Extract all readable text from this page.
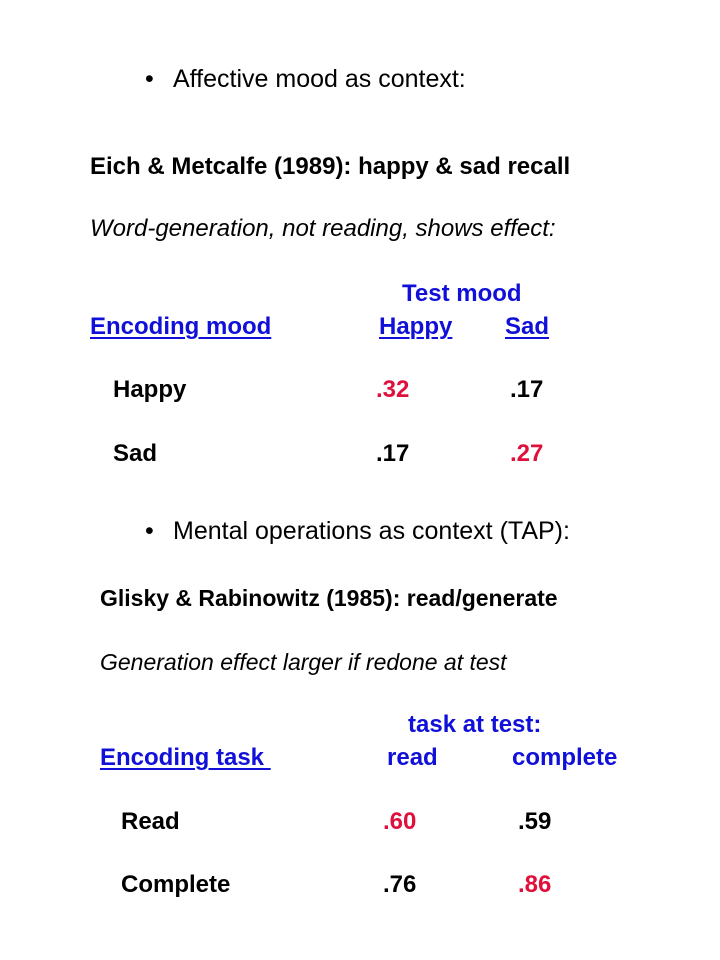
• Affective mood as context:
Eich & Metcalfe (1989): happy & sad recall
Word-generation, not reading, shows effect:
Test mood
Encoding mood	Happy Sad
Happy	.32	.17
Sad	.17	.27
• Mental operations as context (TAP):
Glisky & Rabinowitz (1985): read/generate
Generation effect larger if redone at test
task at test:
Encoding task	read	complete
Read	.60	.59
Complete	.76	.86
